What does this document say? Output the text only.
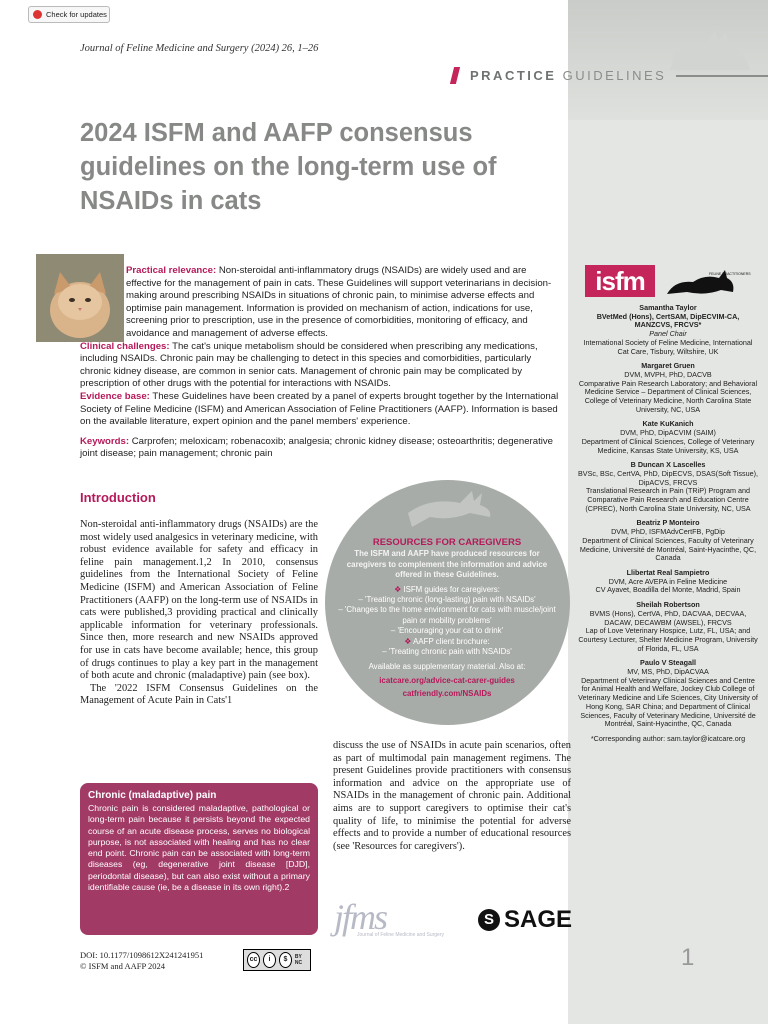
Check for updates
Journal of Feline Medicine and Surgery (2024) 26, 1–26
PRACTICE GUIDELINES
2024 ISFM and AAFP consensus guidelines on the long-term use of NSAIDs in cats

Practical relevance: Non-steroidal anti-inflammatory drugs (NSAIDs) are widely used and are effective for the management of pain in cats. These Guidelines will support veterinarians in decision-making around prescribing NSAIDs in situations of chronic pain, to minimise adverse effects and optimise pain management. Information is provided on mechanism of action, indications for use, screening prior to prescription, use in the presence of comorbidities, monitoring of efficacy, and avoidance and management of adverse effects.

Clinical challenges: The cat's unique metabolism should be considered when prescribing any medications, including NSAIDs. Chronic pain may be challenging to detect in this species and comorbidities, particularly chronic kidney disease, are common in senior cats. Management of chronic pain may be complicated by prescription of other drugs with the potential for interactions with NSAIDs.

Evidence base: These Guidelines have been created by a panel of experts brought together by the International Society of Feline Medicine (ISFM) and American Association of Feline Practitioners (AAFP). Information is based on the available literature, expert opinion and the panel members' experience.

Keywords: Carprofen; meloxicam; robenacoxib; analgesia; chronic kidney disease; osteoarthritis; degenerative joint disease; pain management; chronic pain

Introduction
Non-steroidal anti-inflammatory drugs (NSAIDs) are the most widely used analgesics in veterinary medicine, with robust evidence available for safety and efficacy in feline pain management.1,2 In 2010, consensus guidelines from the International Society of Feline Medicine (ISFM) and American Association of Feline Practitioners (AAFP) on the long-term use of NSAIDs in cats were published,3 providing practical and clinically applicable information for veterinary professionals. Since then, more research and new NSAIDs approved for use in cats have become available; hence, this group of drugs continues to play a key part in the management of both acute and chronic (maladaptive) pain (see box).
The '2022 ISFM Consensus Guidelines on the Management of Acute Pain in Cats'1
discuss the use of NSAIDs in acute pain scenarios, often as part of multimodal pain management regimens. The present Guidelines provide practitioners with consensus information and advice on the appropriate use of NSAIDs in the management of chronic pain. Additional aims are to support caregivers to optimise their cat's quality of life, to minimise the potential for adverse effects and to provide a number of educational resources (see 'Resources for caregivers').
Chronic (maladaptive) pain

Chronic pain is considered maladaptive, pathological or long-term pain because it persists beyond the expected course of an acute disease process, serves no biological purpose, is not associated with healing and has no clear end point. Chronic pain can be associated with long-term diseases (eg, degenerative joint disease [DJD], periodontal disease), but can also exist without a primary identifiable cause (ie, be a disease in its own right).2

RESOURCES FOR CAREGIVERS
The ISFM and AAFP have produced resources for caregivers to complement the information and advice offered in these Guidelines.
❖ ISFM guides for caregivers:
– 'Treating chronic (long-lasting) pain with NSAIDs'
– 'Changes to the home environment for cats with muscle/joint pain or mobility problems'
– 'Encouraging your cat to drink'
❖ AAFP client brochure:
– 'Treating chronic pain with NSAIDs'
Available as supplementary material. Also at:
icatcare.org/advice-cat-carer-guides
catfriendly.com/NSAIDs
isfm	FELINE PRACTITIONERS
Samantha Taylor
BVetMed (Hons), CertSAM, DipECVIM-CA, MANZCVS, FRCVS*
Panel Chair
International Society of Feline Medicine, International Cat Care, Tisbury, Wiltshire, UK
Margaret Gruen
DVM, MVPH, PhD, DACVB
Comparative Pain Research Laboratory; and Behavioral Medicine Service – Department of Clinical Sciences, College of Veterinary Medicine, North Carolina State University, NC, USA
Kate KuKanich
DVM, PhD, DipACVIM (SAIM)
Department of Clinical Sciences, College of Veterinary Medicine, Kansas State University, KS, USA
B Duncan X Lascelles
BVSc, BSc, CertVA, PhD, DipECVS, DSAS(Soft Tissue), DipACVS, FRCVS
Translational Research in Pain (TRiP) Program and Comparative Pain Research and Education Centre (CPREC), North Carolina State University, NC, USA
Beatriz P Monteiro
DVM, PhD, ISFMAdvCertFB, PgDip
Department of Clinical Sciences, Faculty of Veterinary Medicine, Université de Montréal, Saint-Hyacinthe, QC, Canada
Llibertat Real Sampietro
DVM, Acre AVEPA in Feline Medicine
CV Ayavet, Boadilla del Monte, Madrid, Spain
Sheilah Robertson
BVMS (Hons), CertVA, PhD, DACVAA, DECVAA, DACAW, DECAWBM (AWSEL), FRCVS
Lap of Love Veterinary Hospice, Lutz, FL, USA; and Courtesy Lecturer, Shelter Medicine Program, University of Florida, FL, USA
Paulo V Steagall
MV, MS, PhD, DipACVAA
Department of Veterinary Clinical Sciences and Centre for Animal Health and Welfare, Jockey Club College of Veterinary Medicine and Life Sciences, City University of Hong Kong, SAR China; and Department of Clinical Sciences, Faculty of Veterinary Medicine, Université de Montréal, Saint-Hyacinthe, QC, Canada
*Corresponding author: sam.taylor@icatcare.org
jfms
Journal of Feline Medicine and Surgery
S SAGE
DOI: 10.1177/1098612X241241951
© ISFM and AAFP 2024
cc	i	$	BY NC	1
